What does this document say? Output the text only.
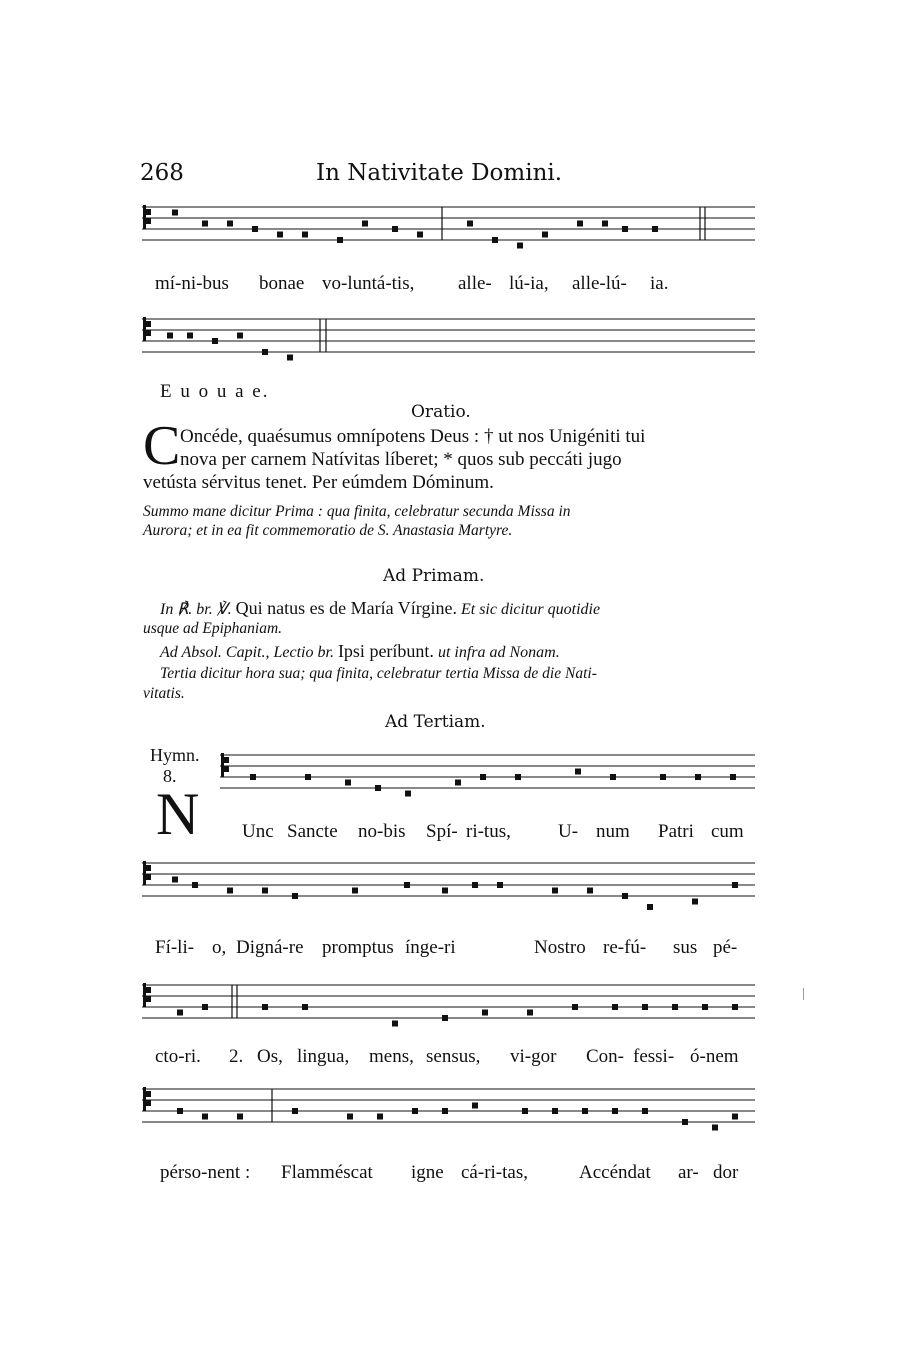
268	In Nativitate Domini.
mí-ni-bus bonae vo-luntá-tis, alle- lú-ia, alle-lú- ia.
E u o u a e.
Oratio.
C Oncéde, quaésumus omnípotens Deus : † ut nos Unigéniti tui
nova per carnem Natívitas líberet; * quos sub peccáti jugo
vetústa sérvitus tenet. Per eúmdem Dóminum.
Summo mane dicitur Prima : qua finita, celebratur secunda Missa in
Aurora; et in ea fit commemoratio de S. Anastasia Martyre.
Ad Primam.
In ℟. br. ℣. Qui natus es de María Vírgine. Et sic dicitur quotidie
usque ad Epiphaniam.
Ad Absol. Capit., Lectio br. Ipsi períbunt. ut infra ad Nonam.
Tertia dicitur hora sua; qua finita, celebratur tertia Missa de die Nati-
vitatis.
Ad Tertiam.
Hymn.
8.
N Unc Sancte no-bis Spí- ri-tus, U- num Patri cum
Fí-li- o, Digná-re promptus ínge-ri	Nostro re-fú- sus pé-
cto-ri. 2. Os, lingua, mens, sensus, vi-gor Con- fessi- ó-nem
pérso-nent : Flamméscat igne cá-ri-tas,	Accéndat ar- dor
